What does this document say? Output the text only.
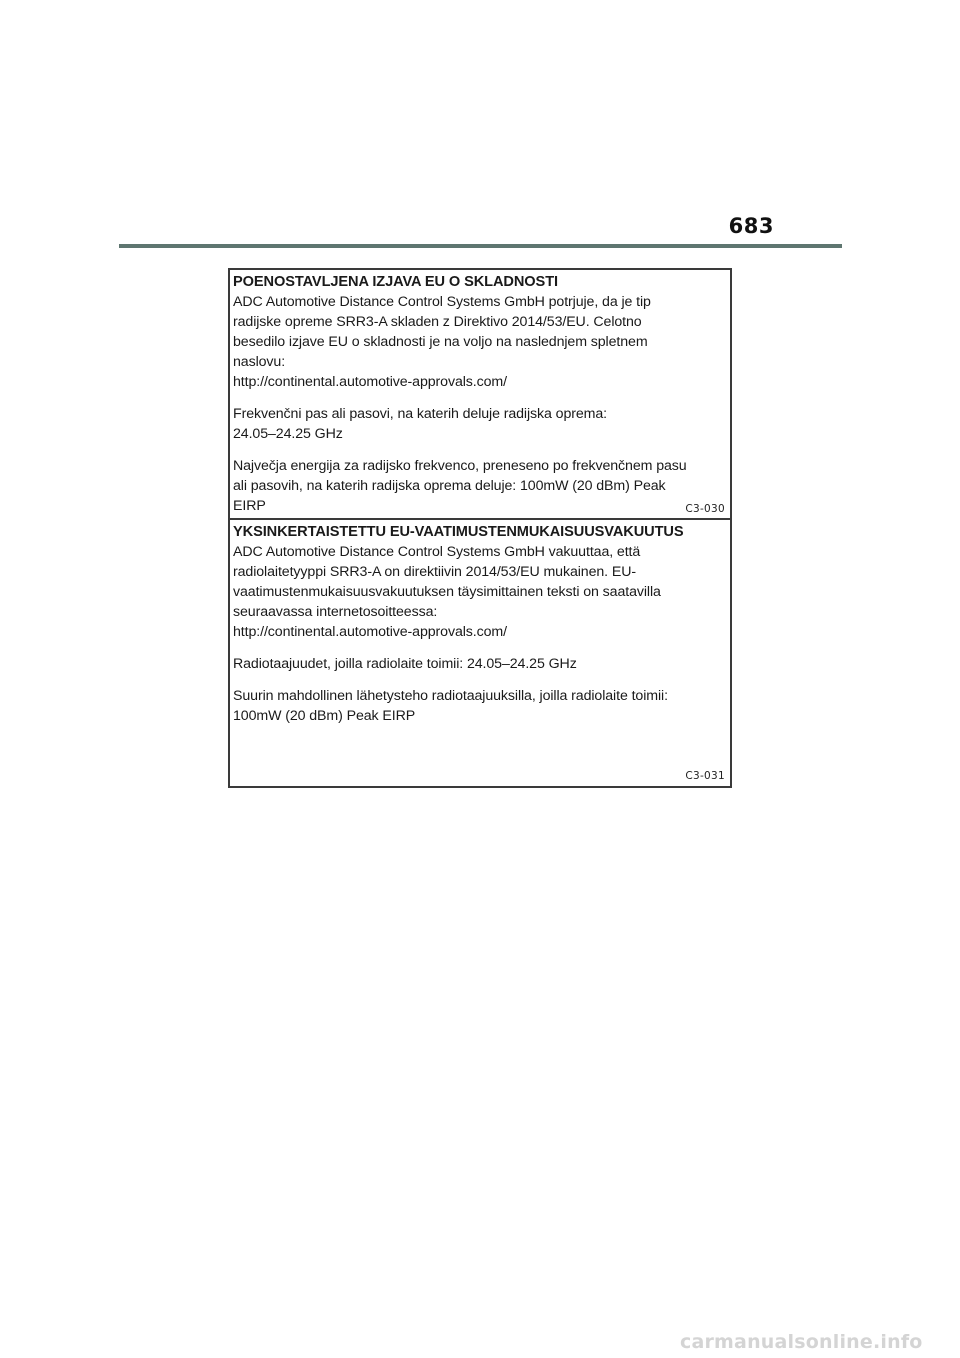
683
POENOSTAVLJENA IZJAVA EU O SKLADNOSTI
ADC Automotive Distance Control Systems GmbH potrjuje, da je tip
radijske opreme SRR3-A skladen z Direktivo 2014/53/EU. Celotno
besedilo izjave EU o skladnosti je na voljo na naslednjem spletnem
naslovu:
http://continental.automotive-approvals.com/
Frekvenčni pas ali pasovi, na katerih deluje radijska oprema:
24.05–24.25 GHz
Največja energija za radijsko frekvenco, preneseno po frekvenčnem pasu
ali pasovih, na katerih radijska oprema deluje: 100mW (20 dBm) Peak
EIRP	C3-030
YKSINKERTAISTETTU EU-VAATIMUSTENMUKAISUUSVAKUUTUS
ADC Automotive Distance Control Systems GmbH vakuuttaa, että
radiolaitetyyppi SRR3-A on direktiivin 2014/53/EU mukainen. EU-
vaatimustenmukaisuusvakuutuksen täysimittainen teksti on saatavilla
seuraavassa internetosoitteessa:
http://continental.automotive-approvals.com/
Radiotaajuudet, joilla radiolaite toimii: 24.05–24.25 GHz
Suurin mahdollinen lähetysteho radiotaajuuksilla, joilla radiolaite toimii:
100mW (20 dBm) Peak EIRP
C3-031
carmanualsonline.info
